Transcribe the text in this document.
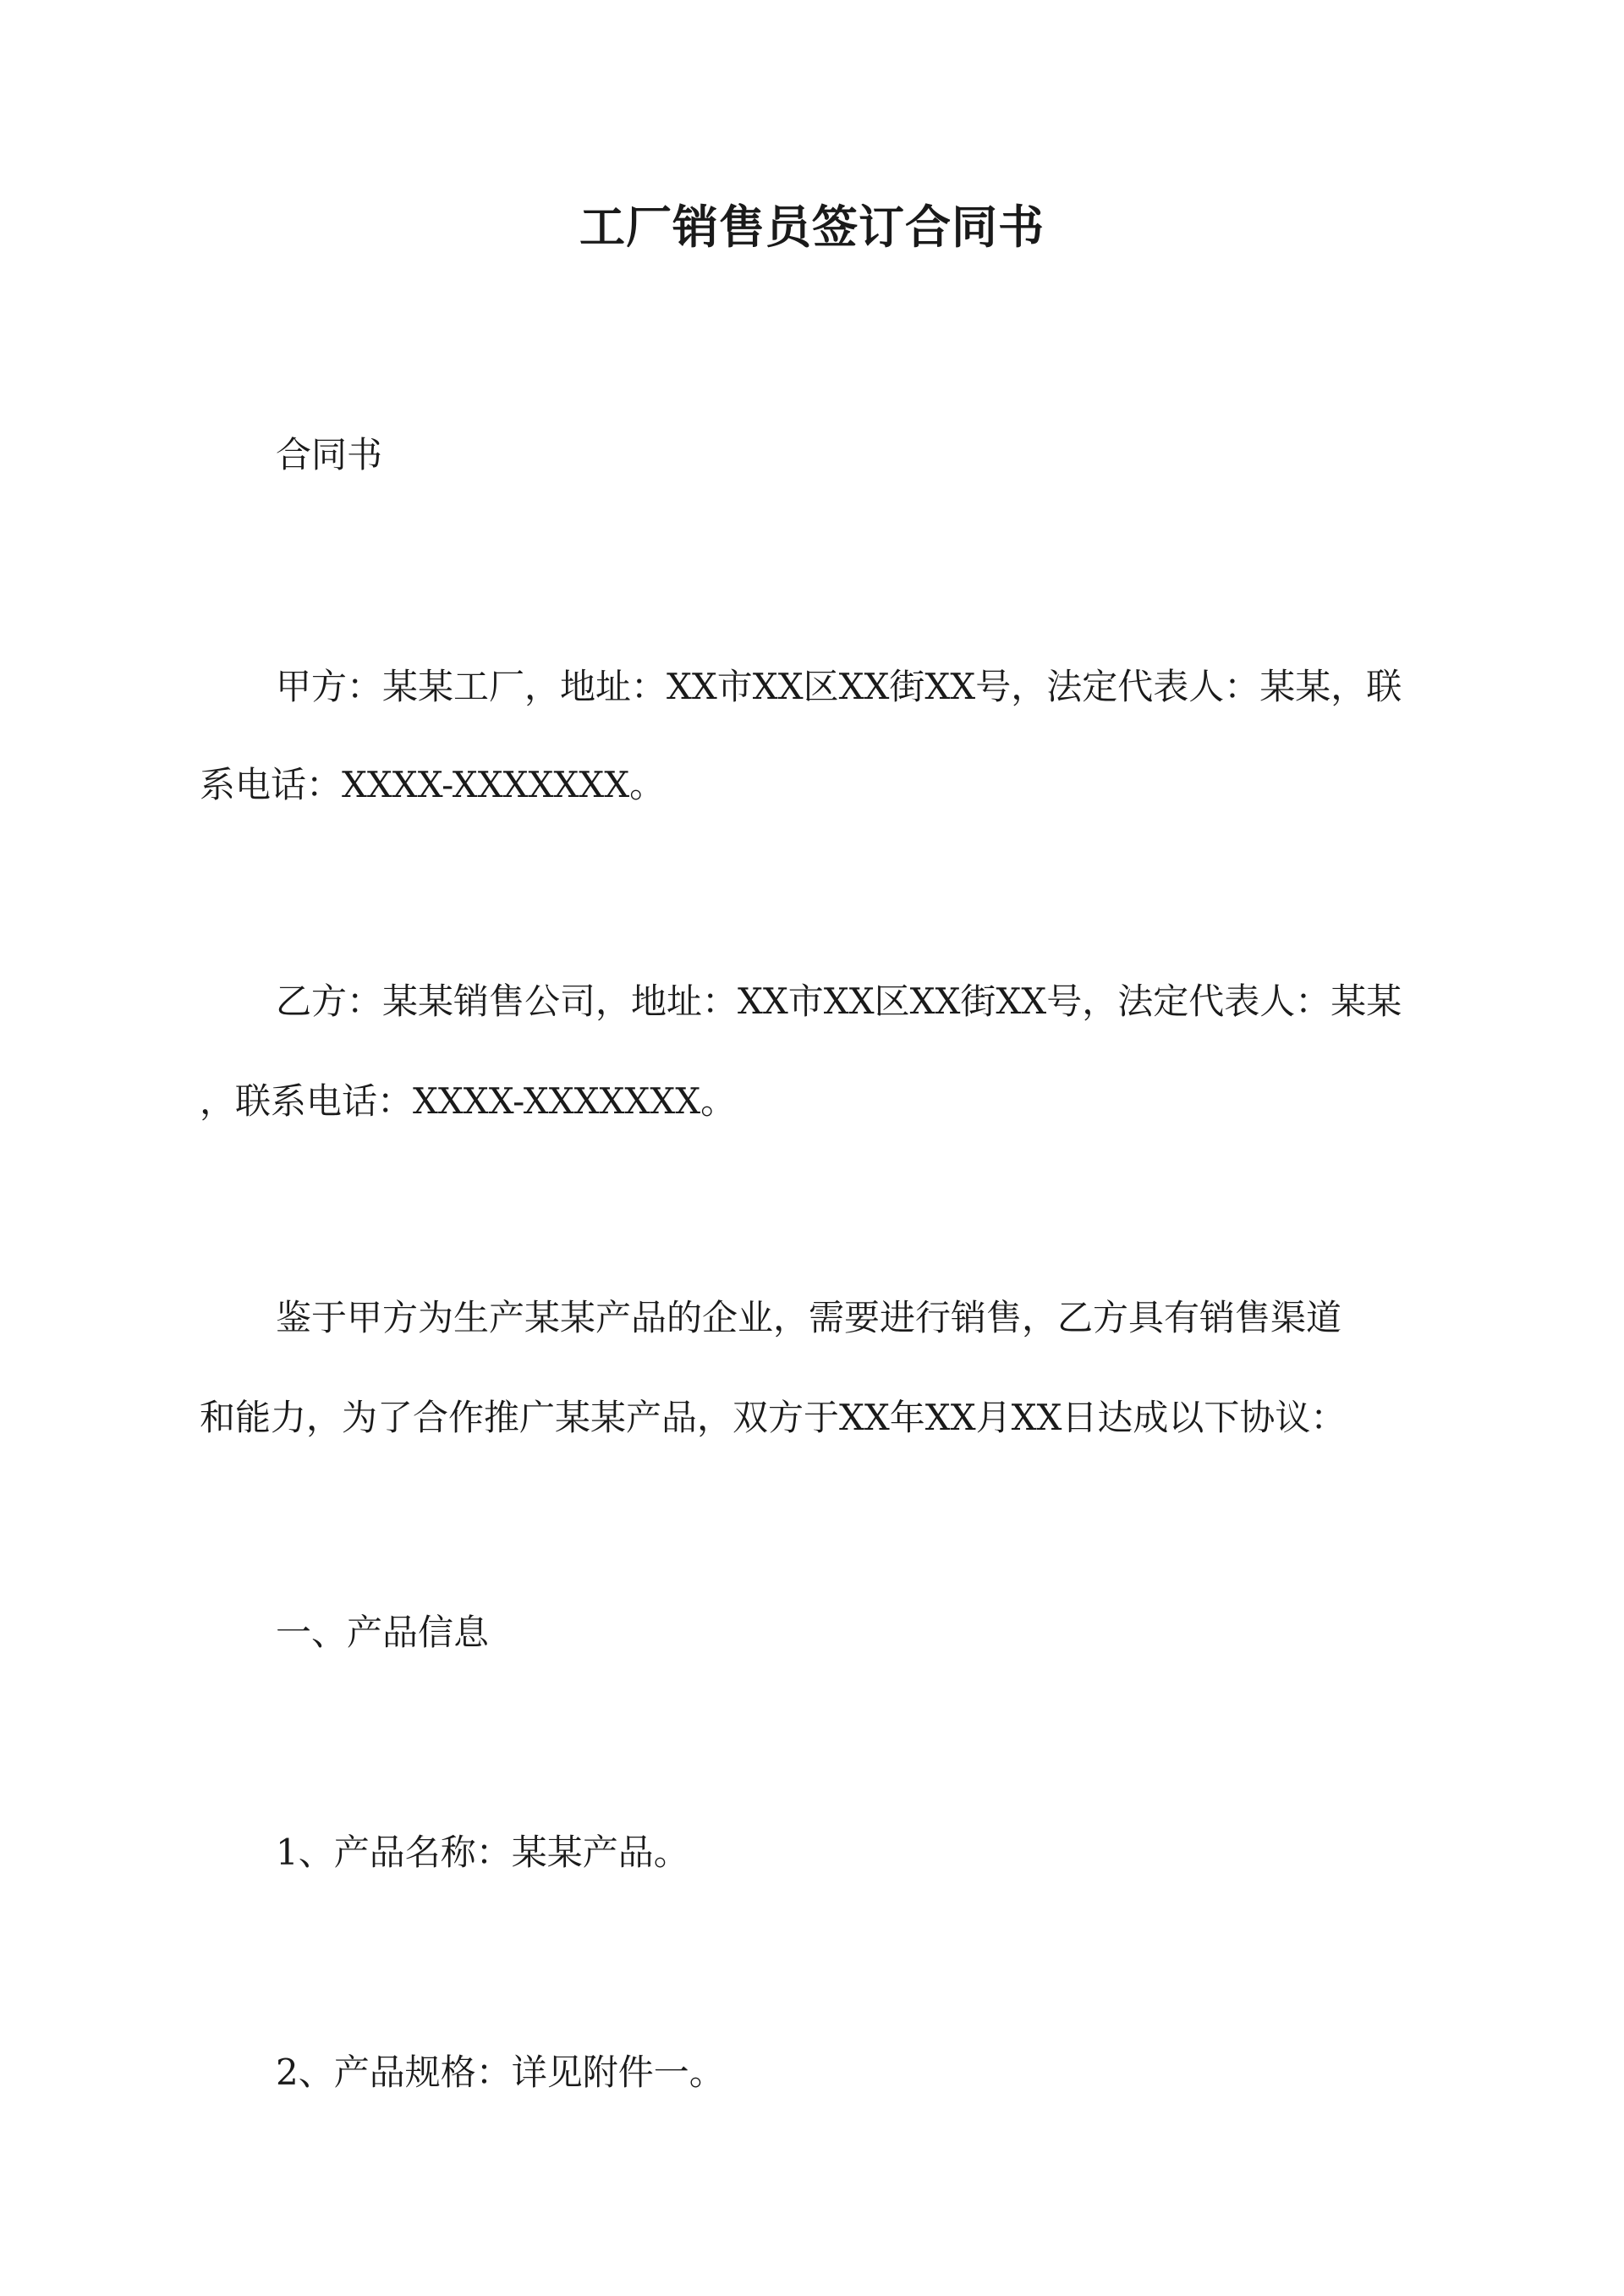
工厂销售员签订合同书
合同书
甲方：某某工厂，地址：XX市XX区XX街XX号，法定代表人：某某，联
系电话：XXXX-XXXXXXX。
乙方：某某销售公司，地址：XX市XX区XX街XX号，法定代表人：某某
，联系电话：XXXX-XXXXXXX。
鉴于甲方为生产某某产品的企业，需要进行销售，乙方具有销售渠道
和能力，为了合作推广某某产品，双方于XX年XX月XX日达成以下协议：
一、产品信息
1、产品名称：某某产品。
2、产品规格：详见附件一。
